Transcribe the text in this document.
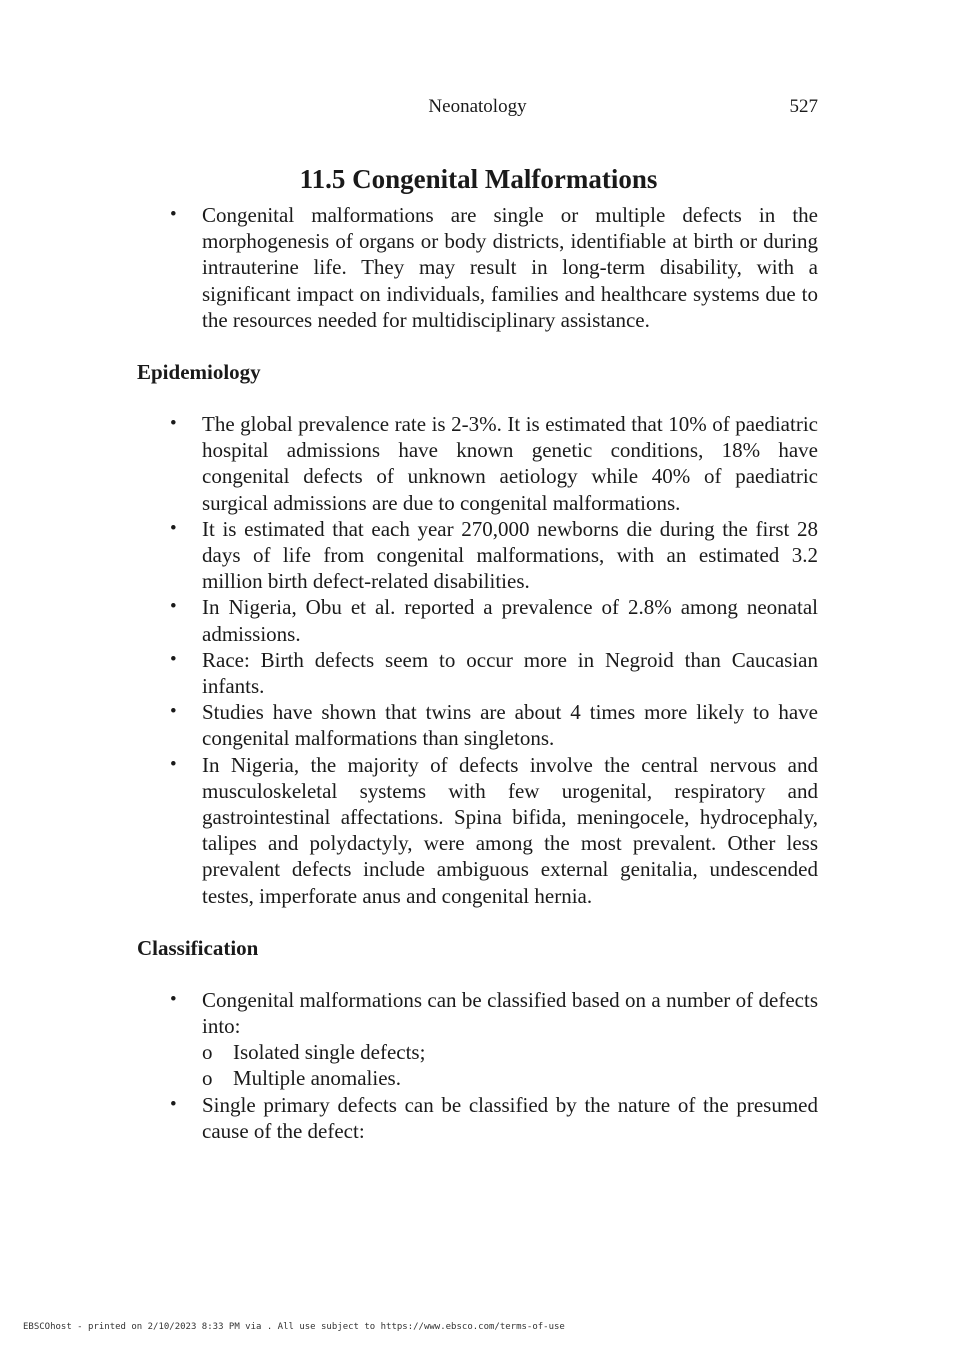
Neonatology	527
11.5 Congenital Malformations
• Congenital malformations are single or multiple defects in the morphogenesis of organs or body districts, identifiable at birth or during intrauterine life. They may result in long-term disability, with a significant impact on individuals, families and healthcare systems due to the resources needed for multidisciplinary assistance.
Epidemiology
• The global prevalence rate is 2-3%. It is estimated that 10% of paediatric hospital admissions have known genetic conditions, 18% have congenital defects of unknown aetiology while 40% of paediatric surgical admissions are due to congenital malformations.
• It is estimated that each year 270,000 newborns die during the first 28 days of life from congenital malformations, with an estimated 3.2 million birth defect-related disabilities.
• In Nigeria, Obu et al. reported a prevalence of 2.8% among neonatal admissions.
• Race: Birth defects seem to occur more in Negroid than Caucasian infants.
• Studies have shown that twins are about 4 times more likely to have congenital malformations than singletons.
• In Nigeria, the majority of defects involve the central nervous and musculoskeletal systems with few urogenital, respiratory and gastrointestinal affectations. Spina bifida, meningocele, hydrocephaly, talipes and polydactyly, were among the most prevalent. Other less prevalent defects include ambiguous external genitalia, undescended testes, imperforate anus and congenital hernia.
Classification
• Congenital malformations can be classified based on a number of defects into:
o Isolated single defects;
o Multiple anomalies.
• Single primary defects can be classified by the nature of the presumed cause of the defect:
EBSCOhost - printed on 2/10/2023 8:33 PM via . All use subject to https://www.ebsco.com/terms-of-use
